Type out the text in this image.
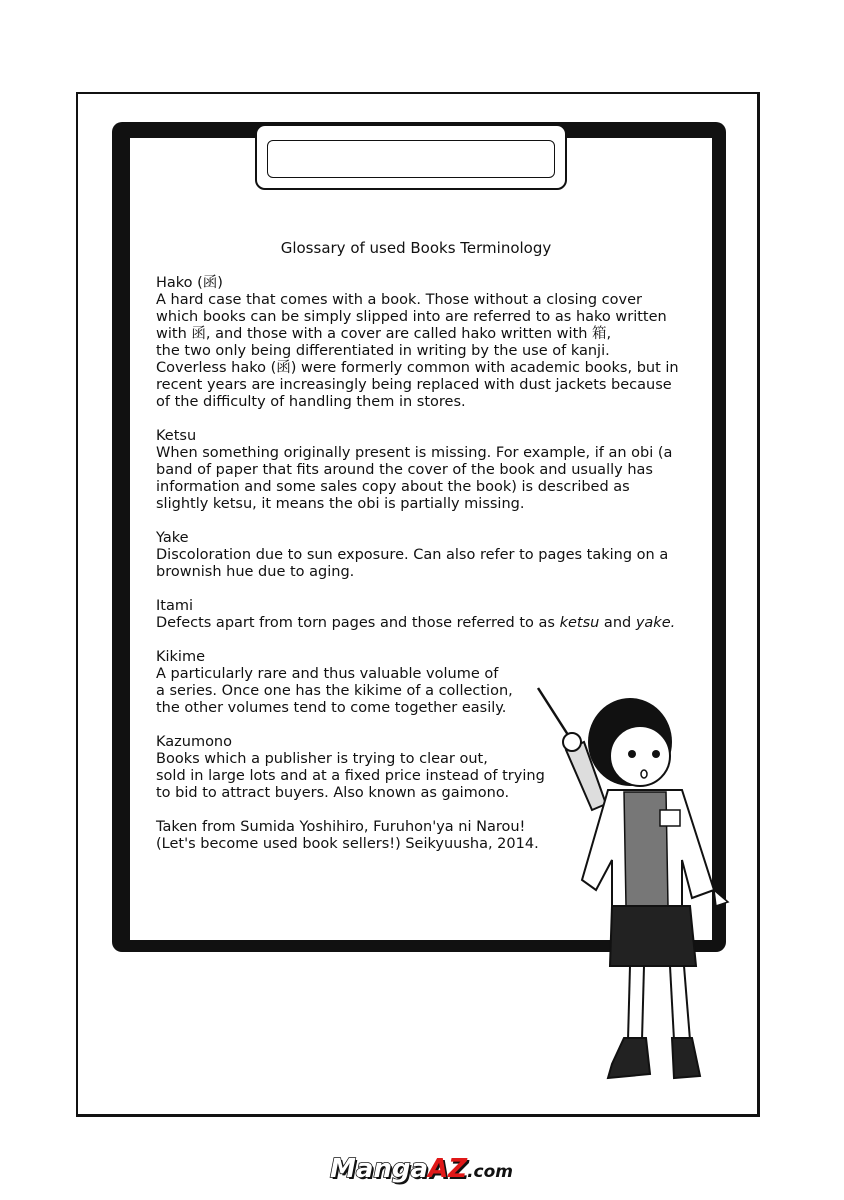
Glossary of used Books Terminology
Hako (函)
A hard case that comes with a book. Those without a closing cover
which books can be simply slipped into are referred to as hako written
with 函, and those with a cover are called hako written with 箱,
the two only being differentiated in writing by the use of kanji.
Coverless hako (函) were formerly common with academic books, but in
recent years are increasingly being replaced with dust jackets because
of the difficulty of handling them in stores.
Ketsu
When something originally present is missing. For example, if an obi (a
band of paper that fits around the cover of the book and usually has
information and some sales copy about the book) is described as
slightly ketsu, it means the obi is partially missing.
Yake
Discoloration due to sun exposure. Can also refer to pages taking on a
brownish hue due to aging.
Itami
Defects apart from torn pages and those referred to as ketsu and yake.
Kikime
A particularly rare and thus valuable volume of
a series. Once one has the kikime of a collection,
the other volumes tend to come together easily.
Kazumono
Books which a publisher is trying to clear out,
sold in large lots and at a fixed price instead of trying
to bid to attract buyers. Also known as gaimono.
Taken from Sumida Yoshihiro, Furuhon'ya ni Narou!
(Let's become used book sellers!) Seikyuusha, 2014.
MangaAZ.com
